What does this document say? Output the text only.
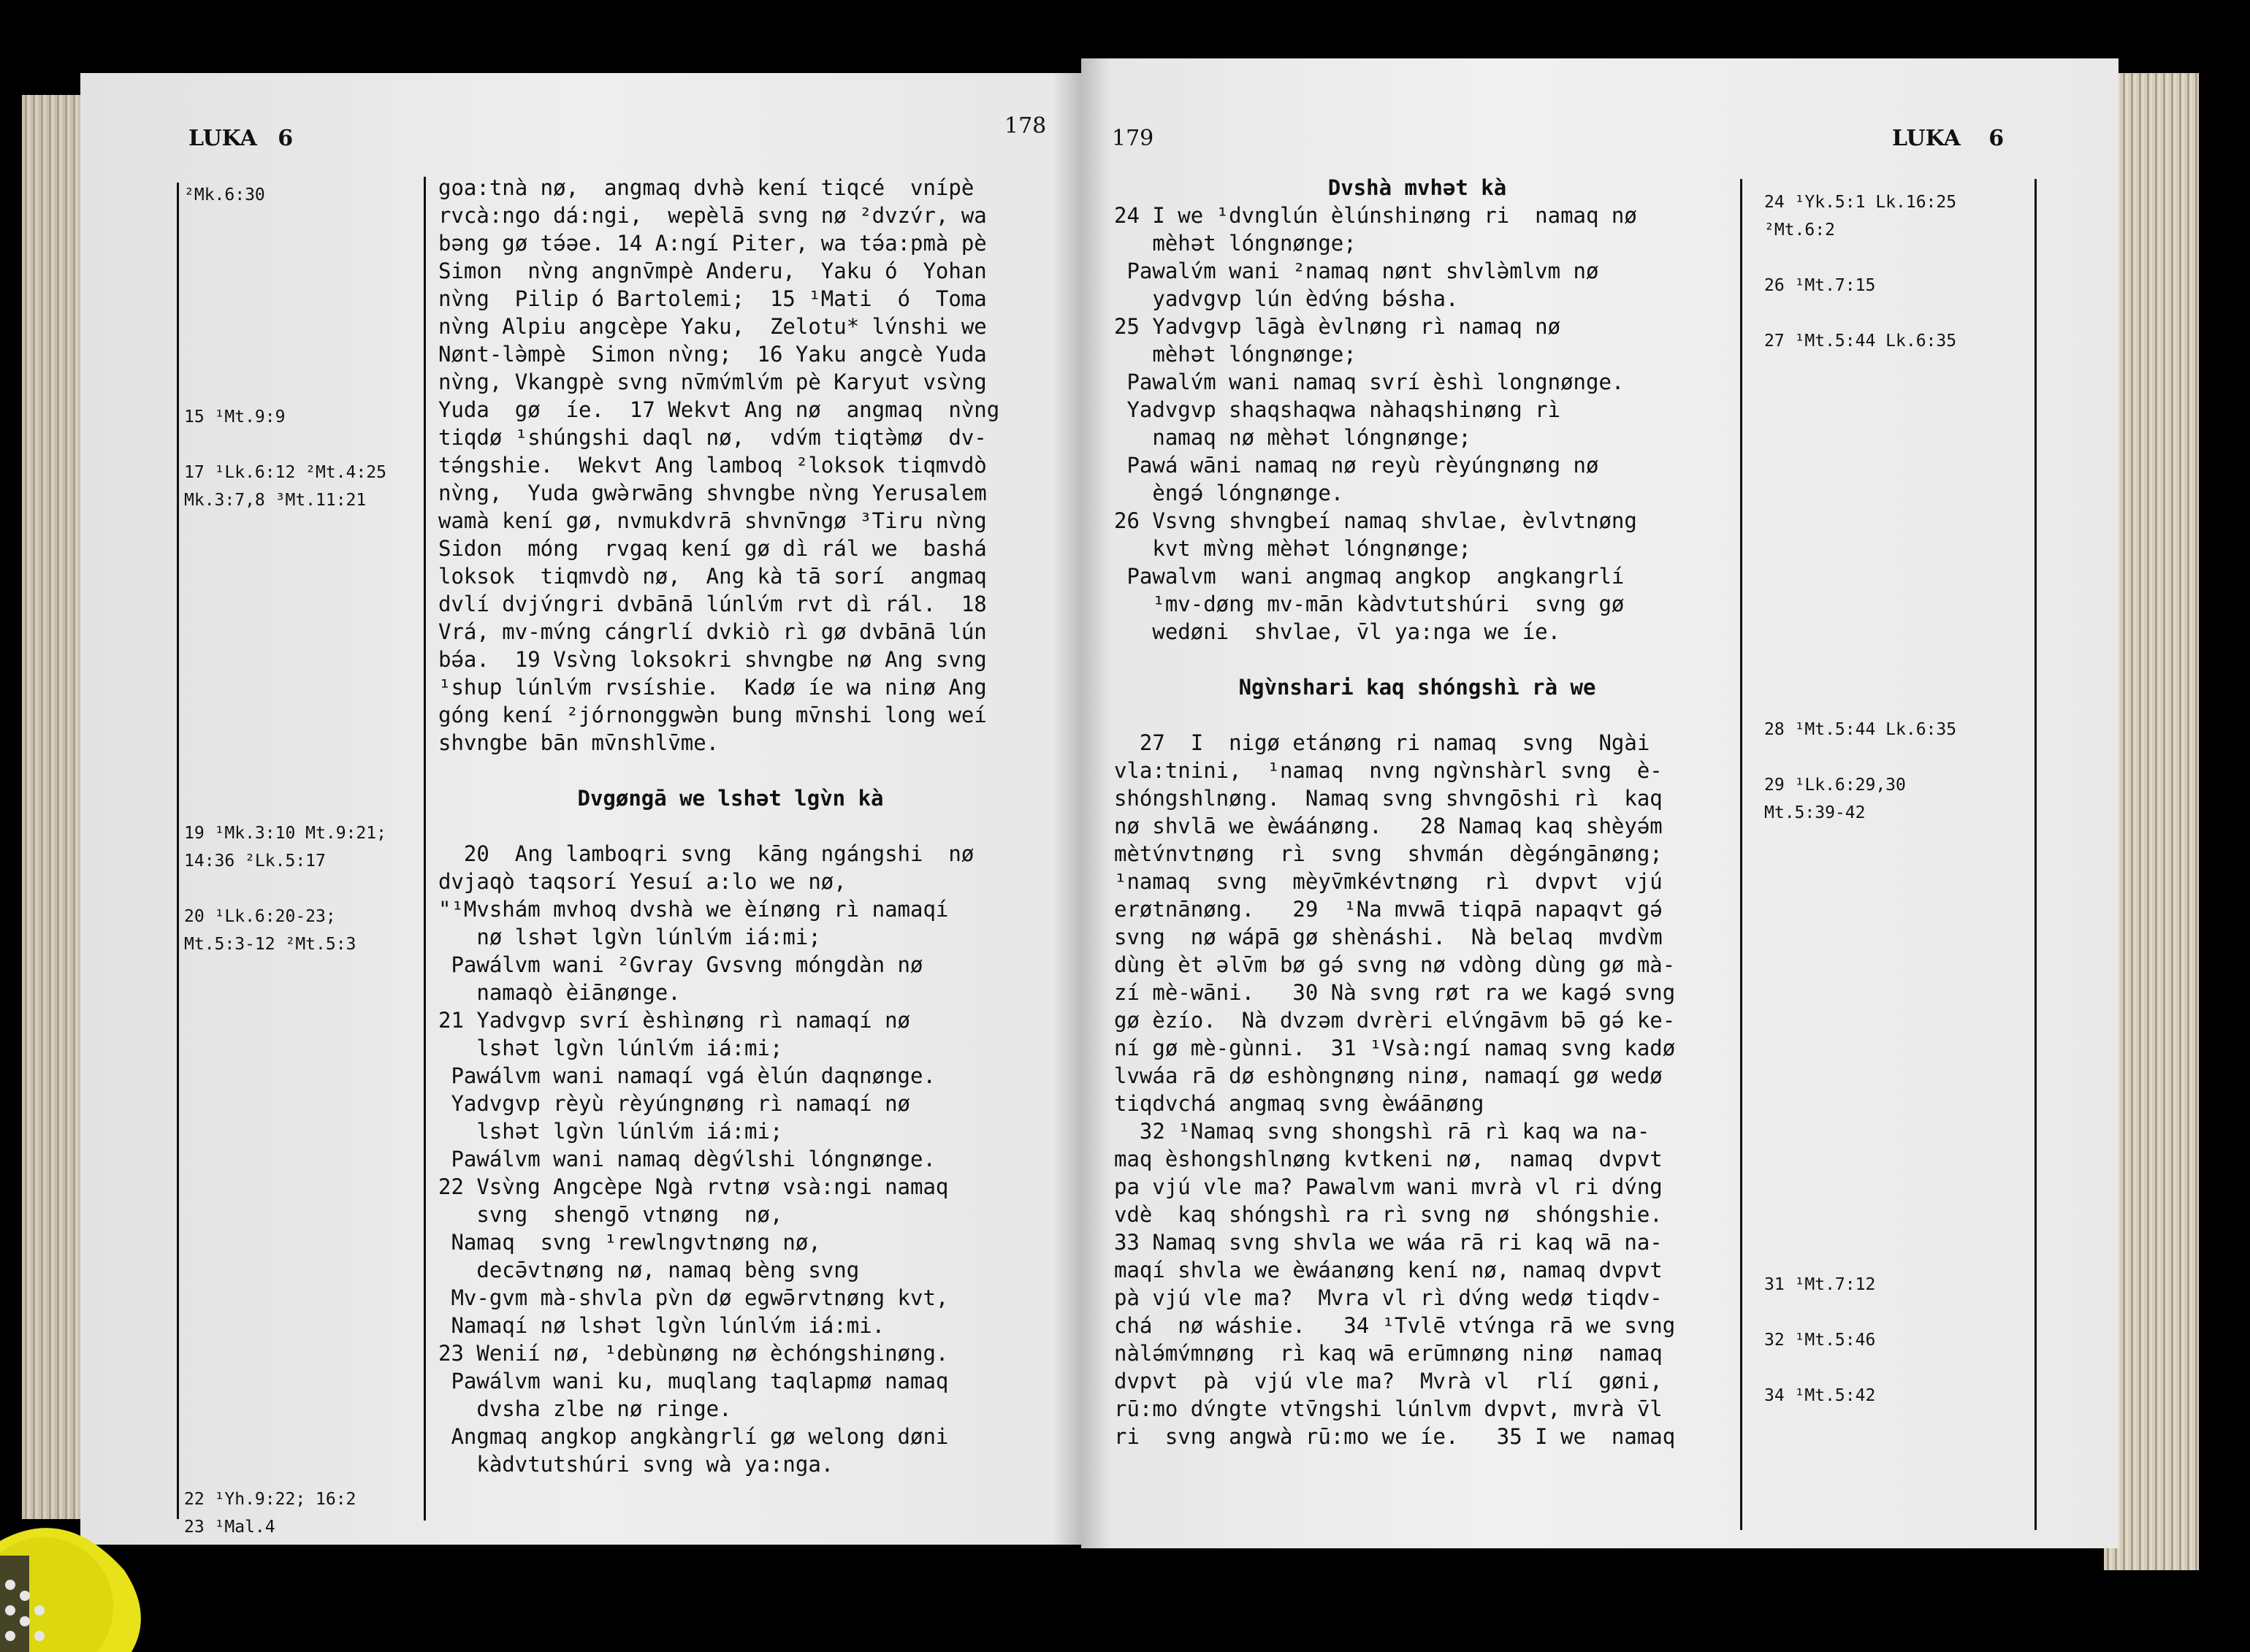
LUKA 6	178	179	LUKA 6
²Mk.6:30
15 ¹Mt.9:9
17 ¹Lk.6:12 ²Mt.4:25
Mk.3:7,8 ³Mt.11:21
19 ¹Mk.3:10 Mt.9:21;
14:36 ²Lk.5:17
20 ¹Lk.6:20-23;
Mt.5:3-12 ²Mt.5:3
22 ¹Yh.9:22; 16:2
23 ¹Mal.4
goa:tnà nø,  angmaq dvhə̀ kení tiqcé  vnípè
rvcà:ngo dá:ngi,  wepèlā svng nø ²dvzv́r, wa
bəng gø tə́əe. 14 A:ngí Piter, wa tə́a:pmà pè
Simon  nv̀ng angnv̄mpè Anderu,  Yaku ó  Yohan
nv̀ng  Pilip ó Bartolemi;  15 ¹Mati  ó  Toma
nv̀ng Alpiu angcèpe Yaku,  Zelotu* lv́nshi we
Nønt-lə̀mpè  Simon nv̀ng;  16 Yaku angcè Yuda
nv̀ng, Vkangpè svng nv̄mv́mlv́m pè Karyut vsv̀ng
Yuda  gø  íe.  17 Wekvt Ang nø  angmaq  nv̀ng
tiqdø ¹shúngshi daql nø,  vdv́m tiqtə̀mø  dv-
tə́ngshie.  Wekvt Ang lamboq ²loksok tiqmvdò
nv̀ng,  Yuda gwə̀rwāng shvngbe nv̀ng Yerusalem
wamà kení gø, nvmukdvrā shvnv̄ngø ³Tiru nv̀ng
Sidon  móng  rvgaq kení gø dì rál we  bashá
loksok  tiqmvdò nø,  Ang kà tā sorí  angmaq
dvlí dvjv́ngri dvbānā lúnlv́m rvt dì rál.  18
Vrá, mv-mv́ng cángrlí dvkiò rì gø dvbānā lún
bə́a.  19 Vsv̀ng loksokri shvngbe nø Ang svng
¹shup lúnlv́m rvsíshie.  Kadø íe wa ninø Ang
góng kení ²jórnonggwə̀n bung mv̄nshi long weí
shvngbe bān mv̄nshlv̄me.
Dvgøngā we lshət lgv̀n kà
20  Ang lamboqri svng  kāng ngángshi  nø
dvjaqò taqsorí Yesuí a:lo we nø,
"¹Mvshám mvhoq dvshà we èínøng rì namaqí
nø lshət lgv̀n lúnlv́m iá:mi;
Pawálvm wani ²Gvray Gvsvng móngdàn nø
namaqò èiānønge.
21 Yadvgvp svrí èshìnøng rì namaqí nø
lshət lgv̀n lúnlv́m iá:mi;
Pawálvm wani namaqí vgá èlún daqnønge.
Yadvgvp rèyù rèyúngnøng rì namaqí nø
lshət lgv̀n lúnlv́m iá:mi;
Pawálvm wani namaq dègv́lshi lóngnønge.
22 Vsv̀ng Angcèpe Ngà rvtnø vsà:ngi namaq
svng  shengō vtnøng  nø,
Namaq  svng ¹rewlngvtnøng nø,
decə̄vtnøng nø, namaq bèng svng
Mv-gvm mà-shvla pv̀n dø egwə̄rvtnøng kvt,
Namaqí nø lshət lgv̀n lúnlv́m iá:mi.
23 Wenií nø, ¹debùnøng nø èchóngshinøng.
Pawálvm wani ku, muqlang taqlapmø namaq
dvsha zlbe nø ringe.
Angmaq angkop angkàngrlí gø welong døni
kàdvtutshúri svng wà ya:nga.
Dvshà mvhət kà
24 I we ¹dvnglún èlúnshinøng ri  namaq nø
mèhət lóngnønge;
Pawalv́m wani ²namaq nønt shvlə̀mlvm nø
yadvgvp lún èdv́ng bə́sha.
25 Yadvgvp lāgà èvlnøng rì namaq nø
mèhət lóngnønge;
Pawalv́m wani namaq svrí èshì longnønge.
Yadvgvp shaqshaqwa nàhaqshinøng rì
namaq nø mèhət lóngnønge;
Pawá wāni namaq nø reyù rèyúngnøng nø
èngə́ lóngnønge.
26 Vsvng shvngbeí namaq shvlae, èvlvtnøng
kvt mv̀ng mèhət lóngnønge;
Pawalvm  wani angmaq angkop  angkangrlí
¹mv-døng mv-mān kàdvtutshúri  svng gø
wedøni  shvlae, v̄l ya:nga we íe.
Ngv̀nshari kaq shóngshì rà we
27  I  nigø etánøng ri namaq  svng  Ngài
vla:tnini,  ¹namaq  nvng ngv̀nshàrl svng  è-
shóngshlnøng.  Namaq svng shvngōshi rì  kaq
nø shvlā we èwáánøng.   28 Namaq kaq shèyə́m
mètv́nvtnøng  rì  svng  shvmán  dègə́ngānøng;
¹namaq  svng  mèyv̄mkévtnøng  rì  dvpvt  vjú
erøtnānøng.   29  ¹Na mvwā tiqpā napaqvt gə́
svng  nø wápā gø shènáshi.  Nà belaq  mvdv̀m
dùng èt əlv̄m bø gə́ svng nø vdòng dùng gø mà-
zí mè-wāni.   30 Nà svng røt ra we kagə́ svng
gø èzío.  Nà dvzəm dvrèri elv́ngāvm bə̄ gə́ ke-
ní gø mè-gùnni.  31 ¹Vsà:ngí namaq svng kadø
lvwáa rā dø eshòngnøng ninø, namaqí gø wedø
tiqdvchá angmaq svng èwáānøng
32 ¹Namaq svng shongshì rā rì kaq wa na-
maq èshongshlnøng kvtkeni nø,  namaq  dvpvt
pa vjú vle ma? Pawalvm wani mvrà vl ri dv́ng
vdè  kaq shóngshì ra rì svng nø  shóngshie.
33 Namaq svng shvla we wáa rā ri kaq wā na-
maqí shvla we èwáanøng kení nø, namaq dvpvt
pà vjú vle ma?  Mvra vl rì dv́ng wedø tiqdv-
chá  nø wáshie.   34 ¹Tvlē vtv́nga rā we svng
nàlə́mv́mnøng  rì kaq wā erūmnøng ninø  namaq
dvpvt  pà  vjú vle ma?  Mvrà vl  rlí  gøni,
rū:mo dv́ngte vtv̄ngshi lúnlvm dvpvt, mvrà v̄l
ri  svng angwà rū:mo we íe.   35 I we  namaq
24 ¹Yk.5:1 Lk.16:25
²Mt.6:2
26 ¹Mt.7:15
27 ¹Mt.5:44 Lk.6:35
28 ¹Mt.5:44 Lk.6:35
29 ¹Lk.6:29,30
Mt.5:39-42
31 ¹Mt.7:12
32 ¹Mt.5:46
34 ¹Mt.5:42
